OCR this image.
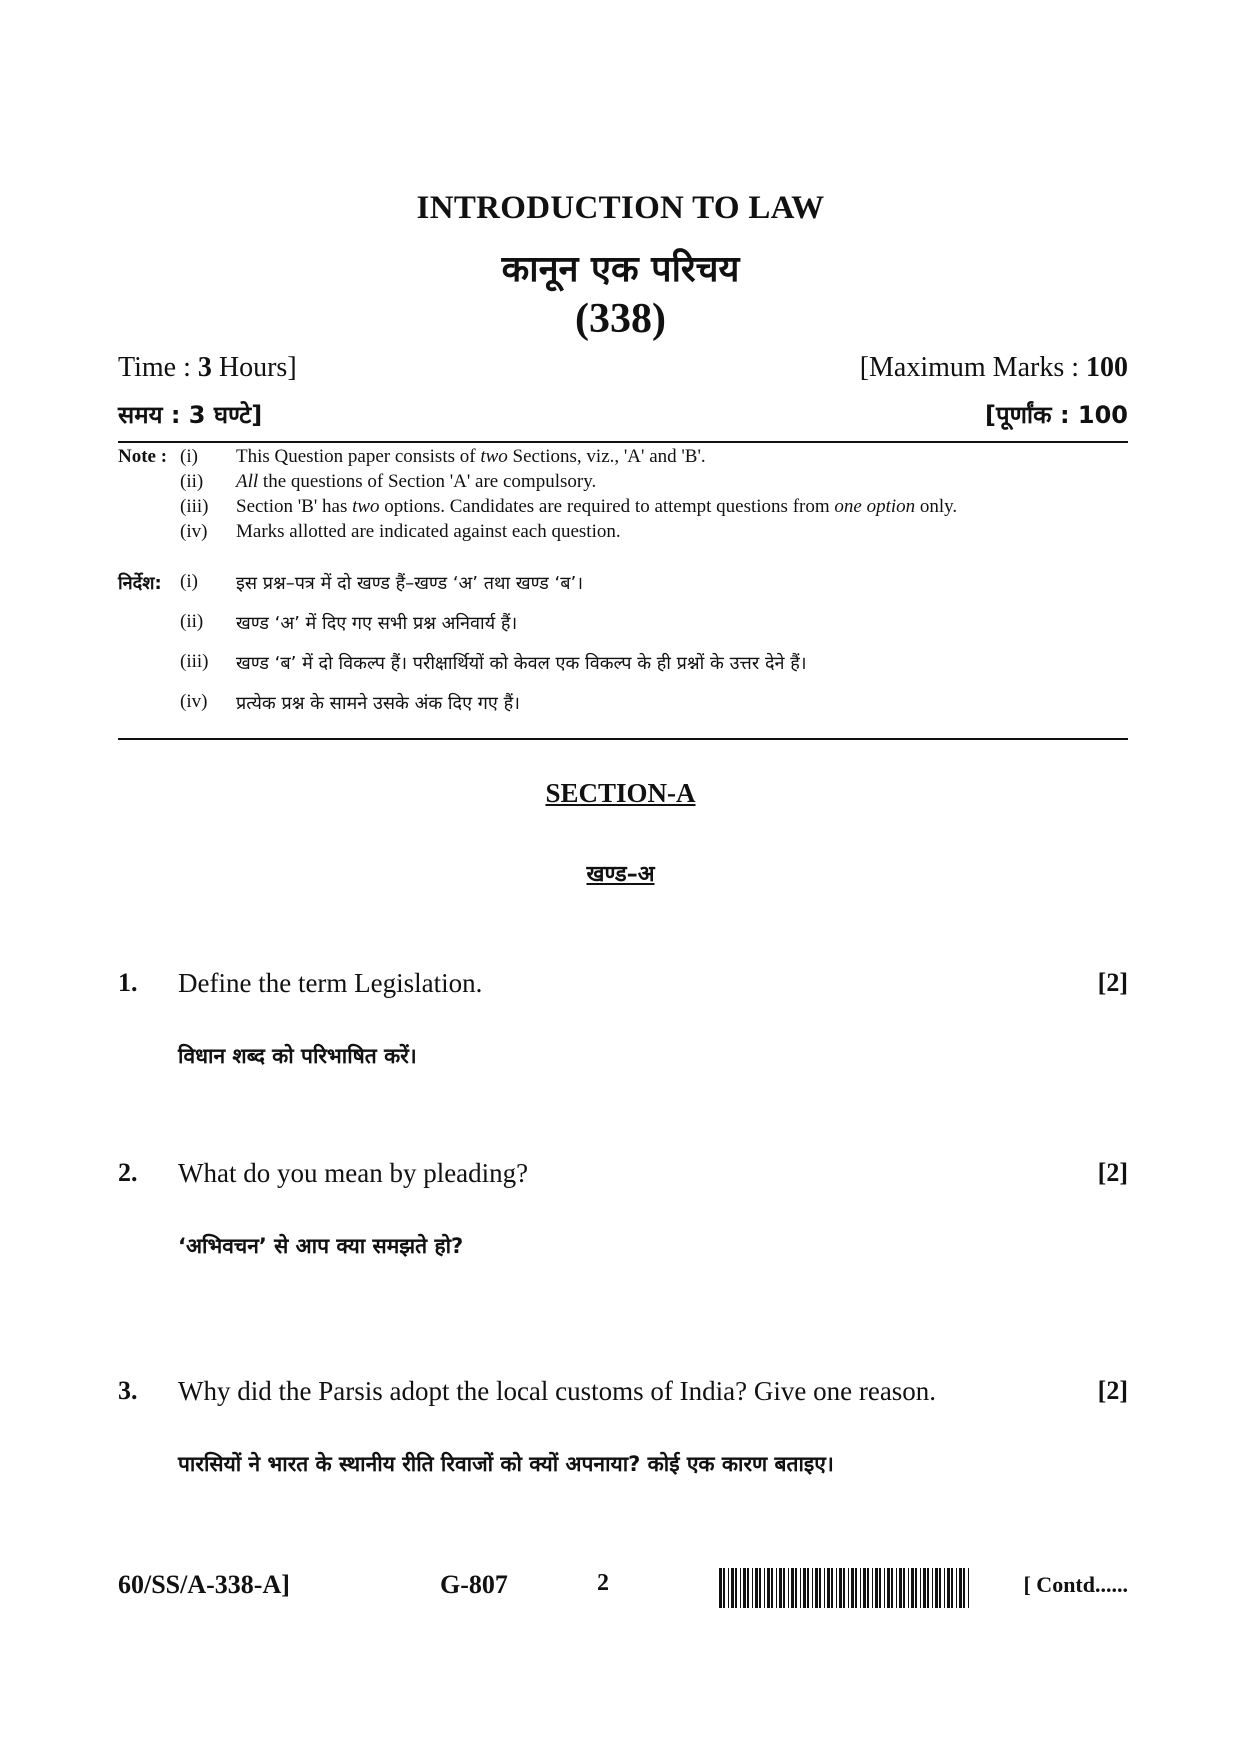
INTRODUCTION TO LAW
कानून एक परिचय
(338)
Time : 3 Hours]	[Maximum Marks : 100
समय : 3 घण्टे]	[पूर्णांक : 100
Note : (i)	This Question paper consists of two Sections, viz., 'A' and 'B'.
(ii)	All the questions of Section 'A' are compulsory.
(iii)	Section 'B' has two options. Candidates are required to attempt questions from one option only.
(iv)	Marks allotted are indicated against each question.
निर्देश: (i)	इस प्रश्न–पत्र में दो खण्ड हैं–खण्ड ‘अ’ तथा खण्ड ‘ब’।
(ii)	खण्ड ‘अ’ में दिए गए सभी प्रश्न अनिवार्य हैं।
(iii)	खण्ड ‘ब’ में दो विकल्प हैं। परीक्षार्थियों को केवल एक विकल्प के ही प्रश्नों के उत्तर देने हैं।
(iv)	प्रत्येक प्रश्न के सामने उसके अंक दिए गए हैं।
SECTION-A
खण्ड–अ
1. Define the term Legislation.	[2]
विधान शब्द को परिभाषित करें।
2. What do you mean by pleading?	[2]
‘अभिवचन’ से आप क्या समझते हो?
3. Why did the Parsis adopt the local customs of India? Give one reason.	[2]
पारसियों ने भारत के स्थानीय रीति रिवाजों को क्यों अपनाया? कोई एक कारण बताइए।
60/SS/A-338-A]	G-807	2	[ Contd......
